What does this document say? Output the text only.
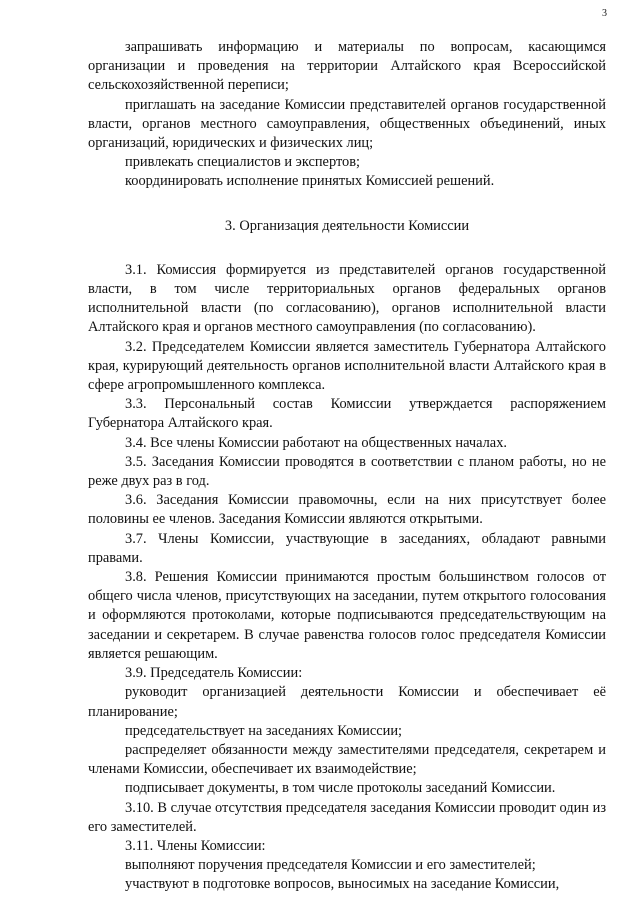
3

запрашивать информацию и материалы по вопросам, касающимся организации и проведения на территории Алтайского края Всероссийской сельскохозяйственной переписи;

приглашать на заседание Комиссии представителей органов государственной власти, органов местного самоуправления, общественных объединений, иных организаций, юридических и физических лиц;

привлекать специалистов и экспертов;

координировать исполнение принятых Комиссией решений.

3. Организация деятельности Комиссии

3.1. Комиссия формируется из представителей органов государственной власти, в том числе территориальных органов федеральных органов исполнительной власти (по согласованию), органов исполнительной власти Алтайского края и органов местного самоуправления (по согласованию).

3.2. Председателем Комиссии является заместитель Губернатора Алтайского края, курирующий деятельность органов исполнительной власти Алтайского края в сфере агропромышленного комплекса.

3.3. Персональный состав Комиссии утверждается распоряжением Губернатора Алтайского края.

3.4. Все члены Комиссии работают на общественных началах.

3.5. Заседания Комиссии проводятся в соответствии с планом работы, но не реже двух раз в год.

3.6. Заседания Комиссии правомочны, если на них присутствует более половины ее членов. Заседания Комиссии являются открытыми.

3.7. Члены Комиссии, участвующие в заседаниях, обладают равными правами.

3.8. Решения Комиссии принимаются простым большинством голосов от общего числа членов, присутствующих на заседании, путем открытого голосования и оформляются протоколами, которые подписываются председательствующим на заседании и секретарем. В случае равенства голосов голос председателя Комиссии является решающим.

3.9. Председатель Комиссии:

руководит организацией деятельности Комиссии и обеспечивает её планирование;

председательствует на заседаниях Комиссии;

распределяет обязанности между заместителями председателя, секретарем и членами Комиссии, обеспечивает их взаимодействие;

подписывает документы, в том числе протоколы заседаний Комиссии.

3.10. В случае отсутствия председателя заседания Комиссии проводит один из его заместителей.

3.11. Члены Комиссии:

выполняют поручения председателя Комиссии и его заместителей;

участвуют в подготовке вопросов, выносимых на заседание Комиссии,
